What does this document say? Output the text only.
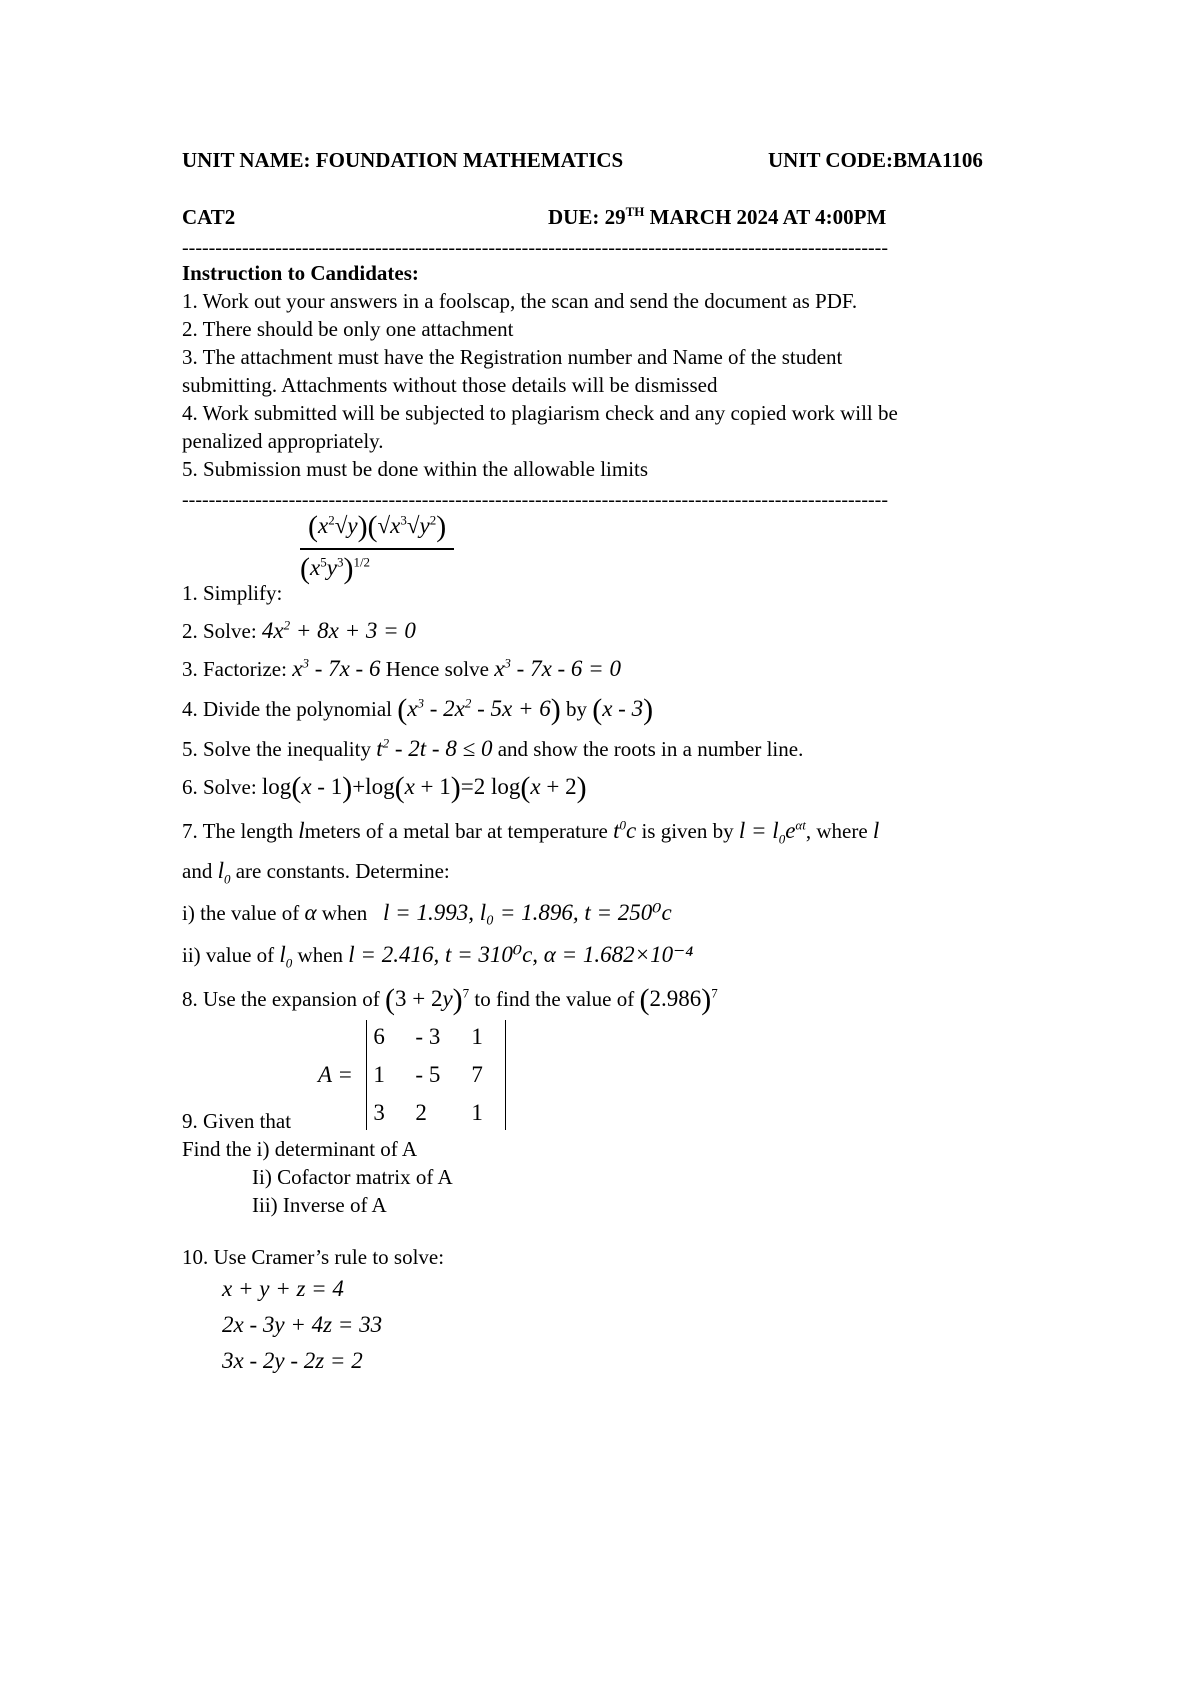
UNIT NAME: FOUNDATION MATHEMATICS	UNIT CODE:BMA1106
CAT2	DUE: 29TH MARCH 2024 AT 4:00PM
----------------------------------------------------------------------------------------------------------
Instruction to Candidates:
1. Work out your answers in a foolscap, the scan and send the document as PDF.
2. There should be only one attachment
3. The attachment must have the Registration number and Name of the student
submitting. Attachments without those details will be dismissed
4. Work submitted will be subjected to plagiarism check and any copied work will be
penalized appropriately.
5. Submission must be done within the allowable limits
----------------------------------------------------------------------------------------------------------
$(x^2√y)(√x^3√y^2)$
$(x^5y^3)^{1/2}$
1. Simplify:
2. Solve: $4x^2 + 8x + 3 = 0$
3. Factorize: $x^3 - 7x - 6$ Hence solve $x^3 - 7x - 6 = 0$
4. Divide the polynomial $(x^3 - 2x^2 - 5x + 6)$ by (x - 3)
5. Solve the inequality $t^2 - 2t - 8 \le 0$ and show the roots in a number line.
6. Solve: log(x - 1)+log(x + 1)=2 log(x + 2)
7. The length lmeters of a metal bar at temperature $t^0c$ is given by $l = l_0e^{\alpha t}$, where l
and $l_0$ are constants. Determine:
i) the value of α when l = 1.993, l₀ = 1.896, t = 250⁰c
ii) value of $l_0$ when l = 2.416, t = 310⁰c, α = 1.682×10⁻⁴
8. Use the expansion of $(3 + 2y)^7$ to find the value of $(2.986)^7$
A =
6	- 3	1
1	- 5	7
3	2	1
9. Given that
Find the i) determinant of A
Ii) Cofactor matrix of A
Iii) Inverse of A
10. Use Cramer’s rule to solve:
x + y + z = 4
2x - 3y + 4z = 33
3x - 2y - 2z = 2
